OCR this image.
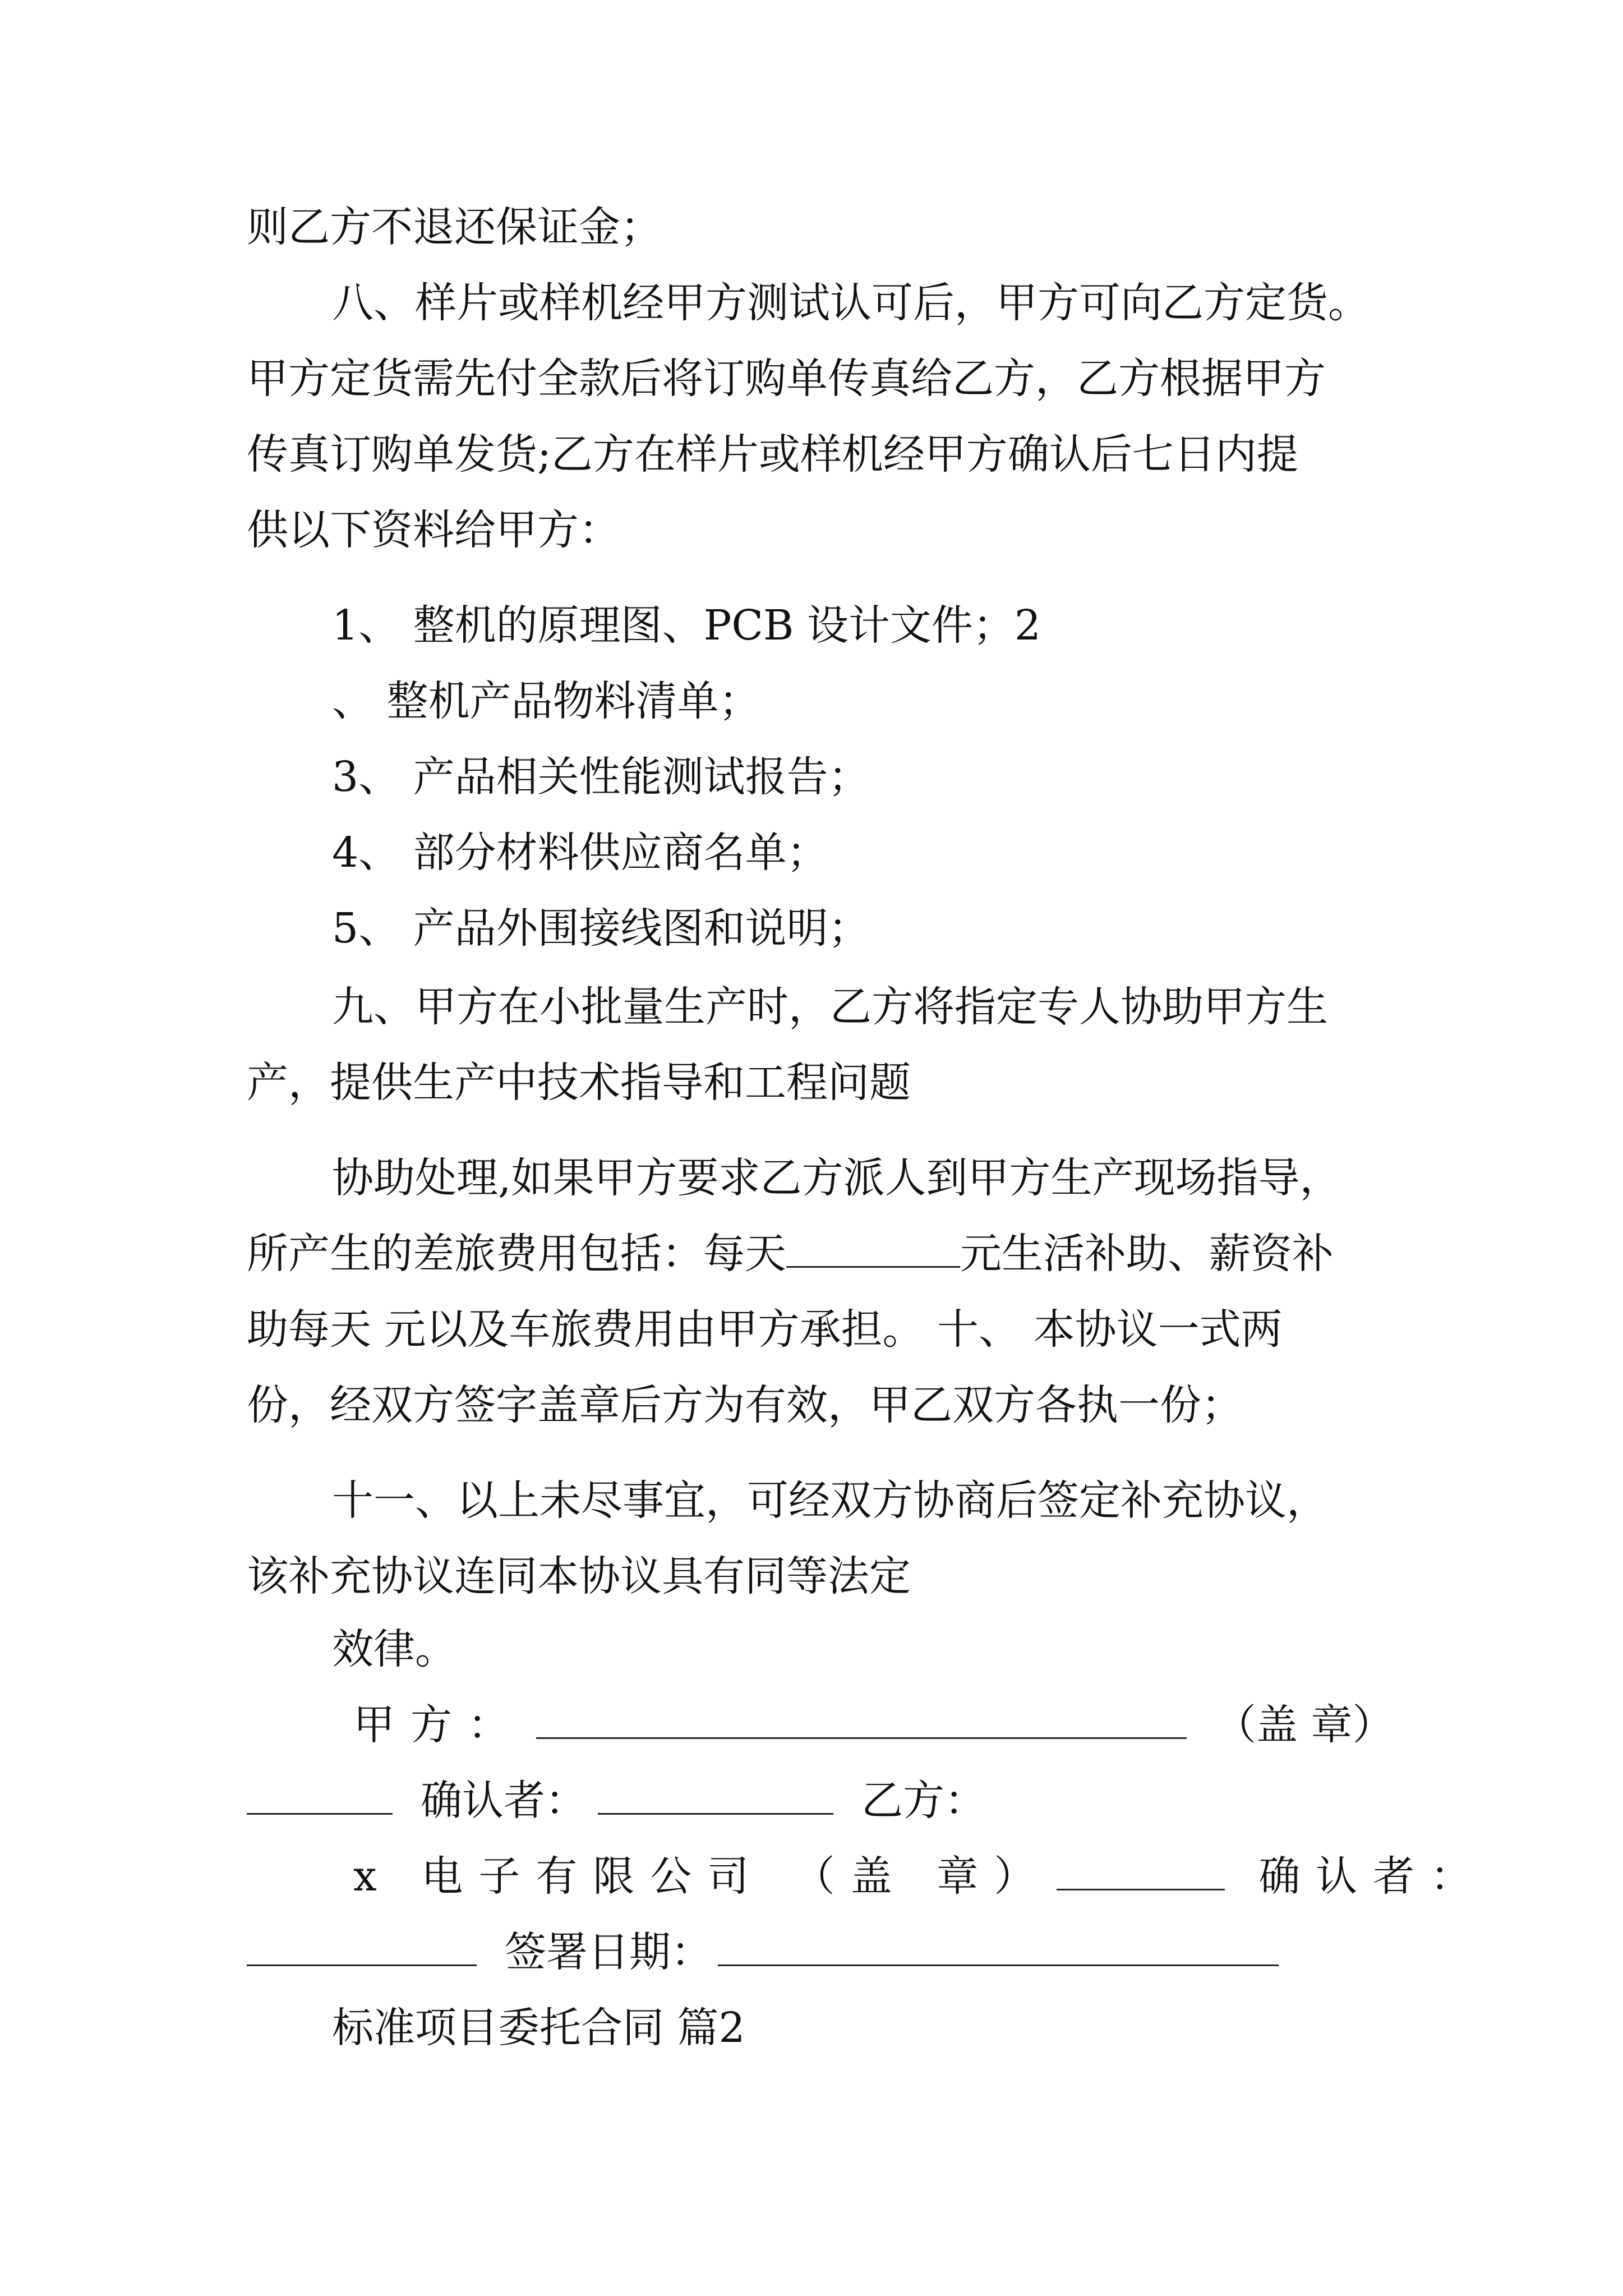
则乙方不退还保证金；
八、样片或样机经甲方测试认可后，甲方可向乙方定货。
甲方定货需先付全款后将订购单传真给乙方，乙方根据甲方
传真订购单发货;乙方在样片或样机经甲方确认后七日内提
供以下资料给甲方：
1、 整机的原理图、PCB 设计文件；2
、 整机产品物料清单；
3、 产品相关性能测试报告；
4、 部分材料供应商名单；
5、 产品外围接线图和说明；
九、甲方在小批量生产时，乙方将指定专人协助甲方生
产，提供生产中技术指导和工程问题
协助处理,如果甲方要求乙方派人到甲方生产现场指导，
所产生的差旅费用包括：每天	元生活补助、薪资补
助每天 元以及车旅费用由甲方承担。 十、 本协议一式两
份，经双方签字盖章后方为有效，甲乙双方各执一份；
十一、以上未尽事宜，可经双方协商后签定补充协议，
该补充协议连同本协议具有同等法定
效律。
甲方：	（盖 章）
确认者：	乙方：
x 电子有限公司 （盖 章）	确认者：
签署日期：
标准项目委托合同 篇2
